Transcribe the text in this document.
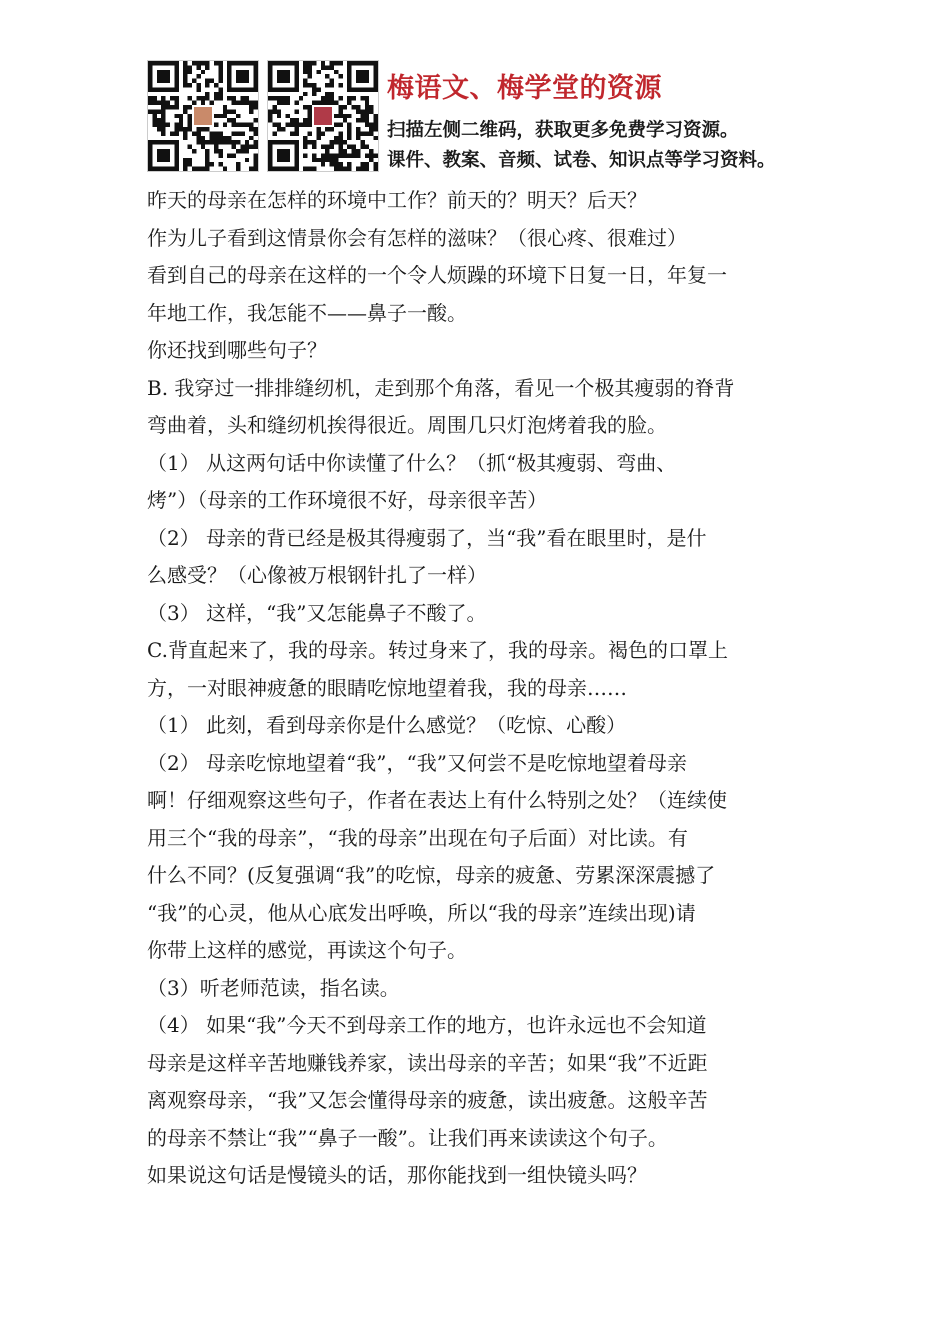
梅语文、梅学堂的资源
扫描左侧二维码，获取更多免费学习资源。
课件、教案、音频、试卷、知识点等学习资料。

昨天的母亲在怎样的环境中工作？前天的？明天？后天？

作为儿子看到这情景你会有怎样的滋味？（很心疼、很难过）

看到自己的母亲在这样的一个令人烦躁的环境下日复一日，年复一

年地工作，我怎能不——鼻子一酸。

你还找到哪些句子？

B. 我穿过一排排缝纫机，走到那个角落，看见一个极其瘦弱的脊背

弯曲着，头和缝纫机挨得很近。周围几只灯泡烤着我的脸。

（1） 从这两句话中你读懂了什么？（抓“极其瘦弱、弯曲、

烤”）（母亲的工作环境很不好，母亲很辛苦）

（2） 母亲的背已经是极其得瘦弱了，当“我”看在眼里时，是什

么感受？（心像被万根钢针扎了一样）

（3） 这样，“我”又怎能鼻子不酸了。

C.背直起来了，我的母亲。转过身来了，我的母亲。褐色的口罩上

方，一对眼神疲惫的眼睛吃惊地望着我，我的母亲……

（1） 此刻，看到母亲你是什么感觉？（吃惊、心酸）

（2） 母亲吃惊地望着“我”，“我”又何尝不是吃惊地望着母亲

啊！仔细观察这些句子，作者在表达上有什么特别之处？（连续使

用三个“我的母亲”，“我的母亲”出现在句子后面）对比读。有

什么不同？(反复强调“我”的吃惊，母亲的疲惫、劳累深深震撼了

“我”的心灵，他从心底发出呼唤，所以“我的母亲”连续出现)请

你带上这样的感觉，再读这个句子。

（3）听老师范读，指名读。

（4） 如果“我”今天不到母亲工作的地方，也许永远也不会知道

母亲是这样辛苦地赚钱养家，读出母亲的辛苦；如果“我”不近距

离观察母亲，“我”又怎会懂得母亲的疲惫，读出疲惫。这般辛苦

的母亲不禁让“我”“鼻子一酸”。让我们再来读读这个句子。

如果说这句话是慢镜头的话，那你能找到一组快镜头吗？
